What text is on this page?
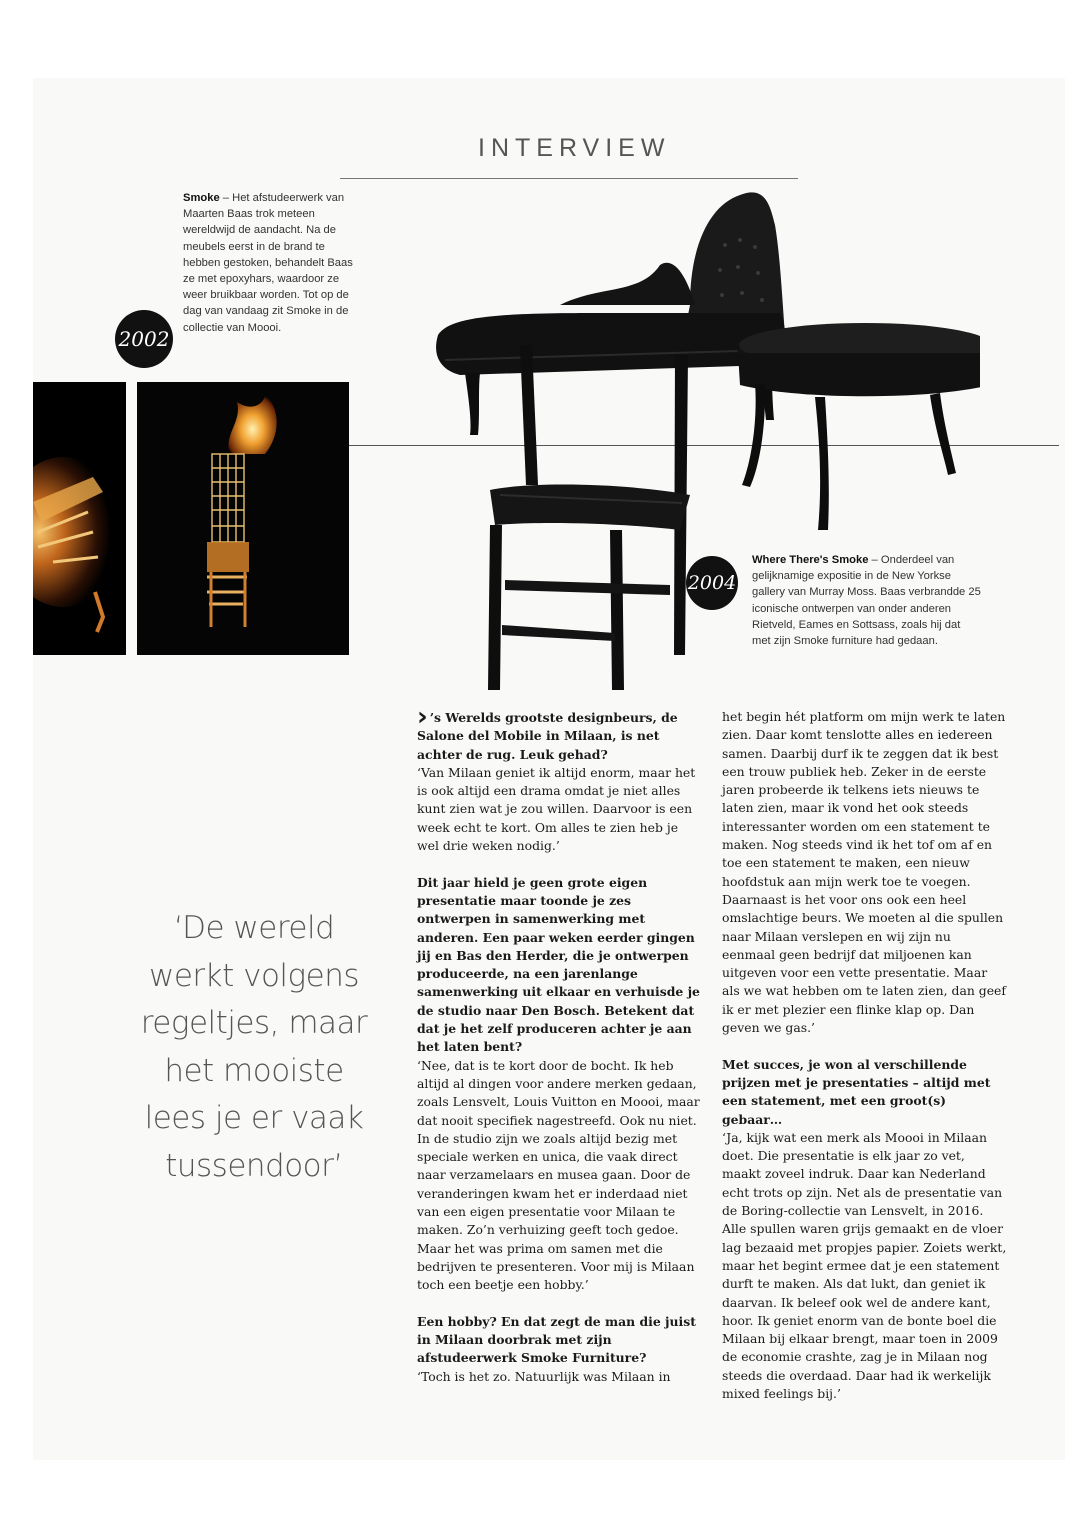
INTERVIEW
Smoke – Het afstudeerwerk van Maarten Baas trok meteen wereldwijd de aandacht. Na de meubels eerst in de brand te hebben gestoken, behandelt Baas ze met epoxyhars, waardoor ze weer bruikbaar worden. Tot op de dag van vandaag zit Smoke in de collectie van Moooi.
2002
Where There's Smoke – Onderdeel van gelijknamige expositie in de New Yorkse gallery van Murray Moss. Baas verbrandde 25 iconische ontwerpen van onder anderen Rietveld, Eames en Sottsass, zoals hij dat met zijn Smoke furniture had gedaan.
2004
‘De wereld werkt volgens regeltjes, maar het mooiste lees je er vaak tussendoor’

› ’s Werelds grootste designbeurs, de Salone del Mobile in Milaan, is net achter de rug. Leuk gehad?

‘Van Milaan geniet ik altijd enorm, maar het is ook altijd een drama omdat je niet alles kunt zien wat je zou willen. Daarvoor is een week echt te kort. Om alles te zien heb je wel drie weken nodig.’

Dit jaar hield je geen grote eigen presentatie maar toonde je zes ontwerpen in samenwerking met anderen. Een paar weken eerder gingen jij en Bas den Herder, die je ontwerpen produceerde, na een jarenlange samenwerking uit elkaar en verhuisde je de studio naar Den Bosch. Betekent dat dat je het zelf produceren achter je aan het laten bent?

‘Nee, dat is te kort door de bocht. Ik heb altijd al dingen voor andere merken gedaan, zoals Lensvelt, Louis Vuitton en Moooi, maar dat nooit specifiek nagestreefd. Ook nu niet. In de studio zijn we zoals altijd bezig met speciale werken en unica, die vaak direct naar verzamelaars en musea gaan. Door de veranderingen kwam het er inderdaad niet van een eigen presentatie voor Milaan te maken. Zo’n verhuizing geeft toch gedoe. Maar het was prima om samen met die bedrijven te presenteren. Voor mij is Milaan toch een beetje een hobby.’

Een hobby? En dat zegt de man die juist in Milaan doorbrak met zijn afstudeerwerk Smoke Furniture?

‘Toch is het zo. Natuurlijk was Milaan in

het begin hét platform om mijn werk te laten zien. Daar komt tenslotte alles en iedereen samen. Daarbij durf ik te zeggen dat ik best een trouw publiek heb. Zeker in de eerste jaren probeerde ik telkens iets nieuws te laten zien, maar ik vond het ook steeds interessanter worden om een statement te maken. Nog steeds vind ik het tof om af en toe een statement te maken, een nieuw hoofdstuk aan mijn werk toe te voegen. Daarnaast is het voor ons ook een heel omslachtige beurs. We moeten al die spullen naar Milaan verslepen en wij zijn nu eenmaal geen bedrijf dat miljoenen kan uitgeven voor een vette presentatie. Maar als we wat hebben om te laten zien, dan geef ik er met plezier een flinke klap op. Dan geven we gas.’

Met succes, je won al verschillende prijzen met je presentaties – altijd met een statement, met een groot(s) gebaar…

‘Ja, kijk wat een merk als Moooi in Milaan doet. Die presentatie is elk jaar zo vet, maakt zoveel indruk. Daar kan Nederland echt trots op zijn. Net als de presentatie van de Boring-collectie van Lensvelt, in 2016. Alle spullen waren grijs gemaakt en de vloer lag bezaaid met propjes papier. Zoiets werkt, maar het begint ermee dat je een statement durft te maken. Als dat lukt, dan geniet ik daarvan. Ik beleef ook wel de andere kant, hoor. Ik geniet enorm van de bonte boel die Milaan bij elkaar brengt, maar toen in 2009 de economie crashte, zag je in Milaan nog steeds die overdaad. Daar had ik werkelijk mixed feelings bij.’
